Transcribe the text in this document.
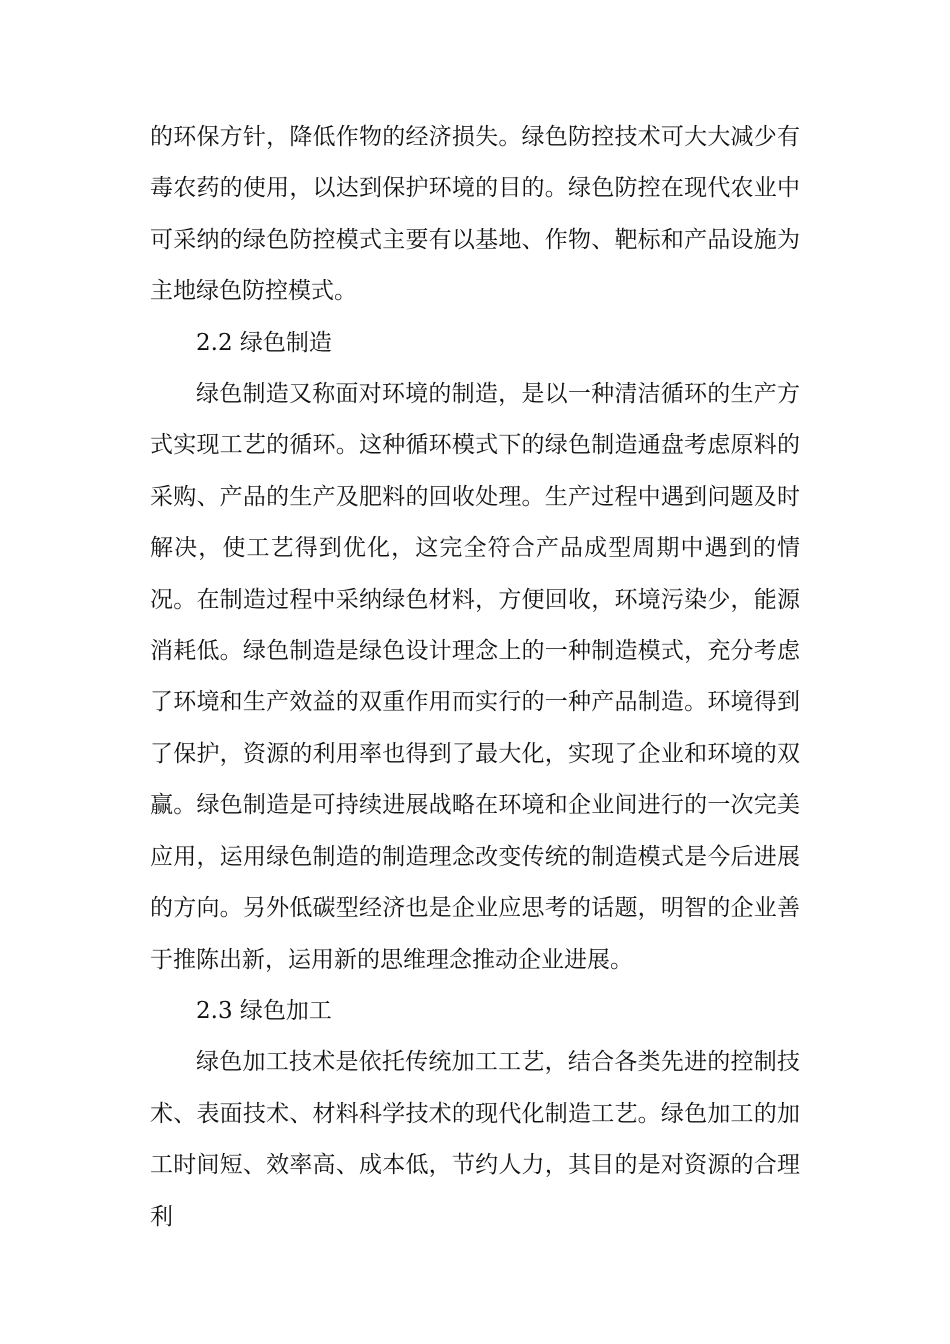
的环保方针，降低作物的经济损失。绿色防控技术可大大减少有毒农药的使用，以达到保护环境的目的。绿色防控在现代农业中可采纳的绿色防控模式主要有以基地、作物、靶标和产品设施为主地绿色防控模式。

2.2 绿色制造

绿色制造又称面对环境的制造，是以一种清洁循环的生产方式实现工艺的循环。这种循环模式下的绿色制造通盘考虑原料的采购、产品的生产及肥料的回收处理。生产过程中遇到问题及时解决，使工艺得到优化，这完全符合产品成型周期中遇到的情况。在制造过程中采纳绿色材料，方便回收，环境污染少，能源消耗低。绿色制造是绿色设计理念上的一种制造模式，充分考虑了环境和生产效益的双重作用而实行的一种产品制造。环境得到了保护，资源的利用率也得到了最大化，实现了企业和环境的双赢。绿色制造是可持续进展战略在环境和企业间进行的一次完美应用，运用绿色制造的制造理念改变传统的制造模式是今后进展的方向。另外低碳型经济也是企业应思考的话题，明智的企业善于推陈出新，运用新的思维理念推动企业进展。

2.3 绿色加工

绿色加工技术是依托传统加工工艺，结合各类先进的控制技术、表面技术、材料科学技术的现代化制造工艺。绿色加工的加工时间短、效率高、成本低，节约人力，其目的是对资源的合理利
